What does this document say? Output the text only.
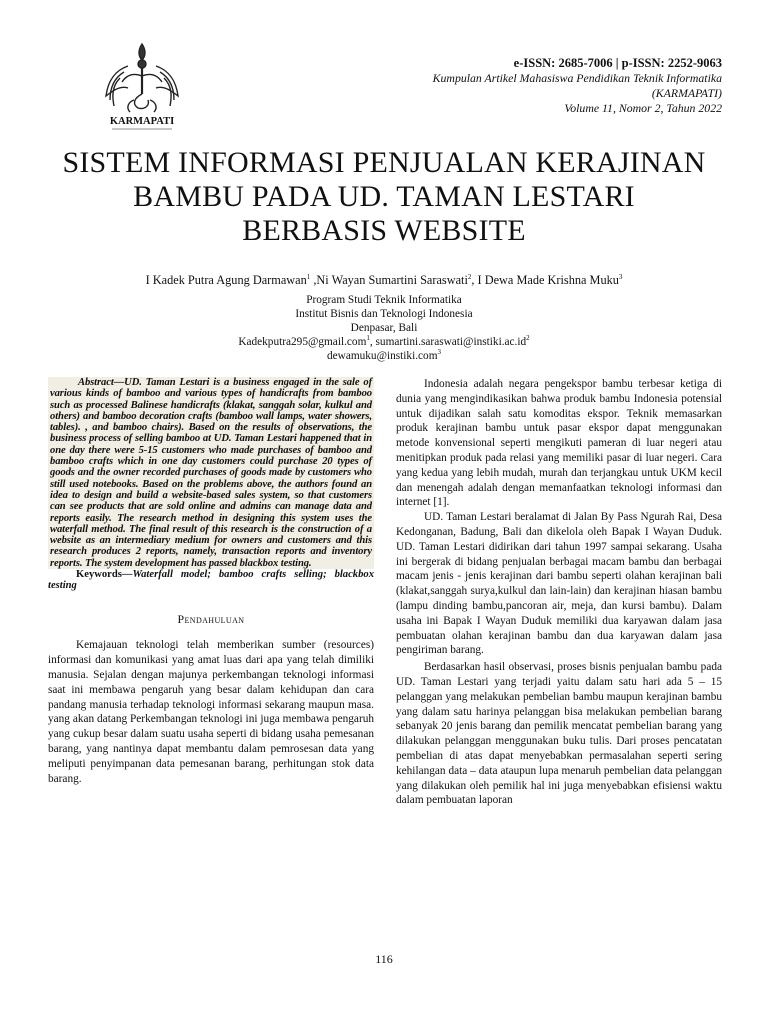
KARMAPATI
e-ISSN: 2685-7006 | p-ISSN: 2252-9063
Kumpulan Artikel Mahasiswa Pendidikan Teknik Informatika
(KARMAPATI)
Volume 11, Nomor 2, Tahun 2022
SISTEM INFORMASI PENJUALAN KERAJINAN
BAMBU PADA UD. TAMAN LESTARI
BERBASIS WEBSITE
I Kadek Putra Agung Darmawan$^1$ ,Ni Wayan Sumartini Saraswati$^2$, I Dewa Made Krishna Muku$^3$
Program Studi Teknik Informatika
Institut Bisnis dan Teknologi Indonesia
Denpasar, Bali
Kadekputra295@gmail.com$^1$, $sumartini.saraswati@instiki.ac.id^2$
dewamuku@instiki.com$^3$

Abstract—UD. Taman Lestari is a business engaged in the sale of various kinds of bamboo and various types of handicrafts from bamboo such as processed Balinese handicrafts (klakat, sanggah solar, kulkul and others) and bamboo decoration crafts (bamboo wall lamps, water showers, tables). , and bamboo chairs). Based on the results of observations, the business process of selling bamboo at UD. Taman Lestari happened that in one day there were 5-15 customers who made purchases of bamboo and bamboo crafts which in one day customers could purchase 20 types of goods and the owner recorded purchases of goods made by customers who still used notebooks. Based on the problems above, the authors found an idea to design and build a website-based sales system, so that customers can see products that are sold online and admins can manage data and reports easily. The research method in designing this system uses the waterfall method. The final result of this research is the construction of a website as an intermediary medium for owners and customers and this research produces 2 reports, namely, transaction reports and inventory reports. The system development has passed blackbox testing.

Keywords—Waterfall model; bamboo crafts selling; blackbox testing

Pendahuluan

Kemajauan teknologi telah memberikan sumber (resources) informasi dan komunikasi yang amat luas dari apa yang telah dimiliki manusia. Sejalan dengan majunya perkembangan teknologi informasi saat ini membawa pengaruh yang besar dalam kehidupan dan cara pandang manusia terhadap teknologi informasi sekarang maupun masa. yang akan datang Perkembangan teknologi ini juga membawa pengaruh yang cukup besar dalam suatu usaha seperti di bidang usaha pemesanan barang, yang nantinya dapat membantu dalam pemrosesan data yang meliputi penyimpanan data pemesanan barang, perhitungan stok data barang.

Indonesia adalah negara pengekspor bambu terbesar ketiga di dunia yang mengindikasikan bahwa produk bambu Indonesia potensial untuk dijadikan salah satu komoditas ekspor. Teknik memasarkan produk kerajinan bambu untuk pasar ekspor dapat menggunakan metode konvensional seperti mengikuti pameran di luar negeri atau menitipkan produk pada relasi yang memiliki pasar di luar negeri. Cara yang kedua yang lebih mudah, murah dan terjangkau untuk UKM kecil dan menengah adalah dengan memanfaatkan teknologi informasi dan internet [1].

UD. Taman Lestari beralamat di Jalan By Pass Ngurah Rai, Desa Kedonganan, Badung, Bali dan dikelola oleh Bapak I Wayan Duduk. UD. Taman Lestari didirikan dari tahun 1997 sampai sekarang. Usaha ini bergerak di bidang penjualan berbagai macam bambu dan berbagai macam jenis - jenis kerajinan dari bambu seperti olahan kerajinan bali (klakat,sanggah surya,kulkul dan lain-lain) dan kerajinan hiasan bambu (lampu dinding bambu,pancoran air, meja, dan kursi bambu). Dalam usaha ini Bapak I Wayan Duduk memiliki dua karyawan dalam jasa pembuatan olahan kerajinan bambu dan dua karyawan dalam jasa pengiriman barang.

Berdasarkan hasil observasi, proses bisnis penjualan bambu pada UD. Taman Lestari yang terjadi yaitu dalam satu hari ada 5 – 15 pelanggan yang melakukan pembelian bambu maupun kerajinan bambu yang dalam satu harinya pelanggan bisa melakukan pembelian barang sebanyak 20 jenis barang dan pemilik mencatat pembelian barang yang dilakukan pelanggan menggunakan buku tulis. Dari proses pencatatan pembelian di atas dapat menyebabkan permasalahan seperti sering kehilangan data – data ataupun lupa menaruh pembelian data pelanggan yang dilakukan oleh pemilik hal ini juga menyebabkan efisiensi waktu dalam pembuatan laporan

116
